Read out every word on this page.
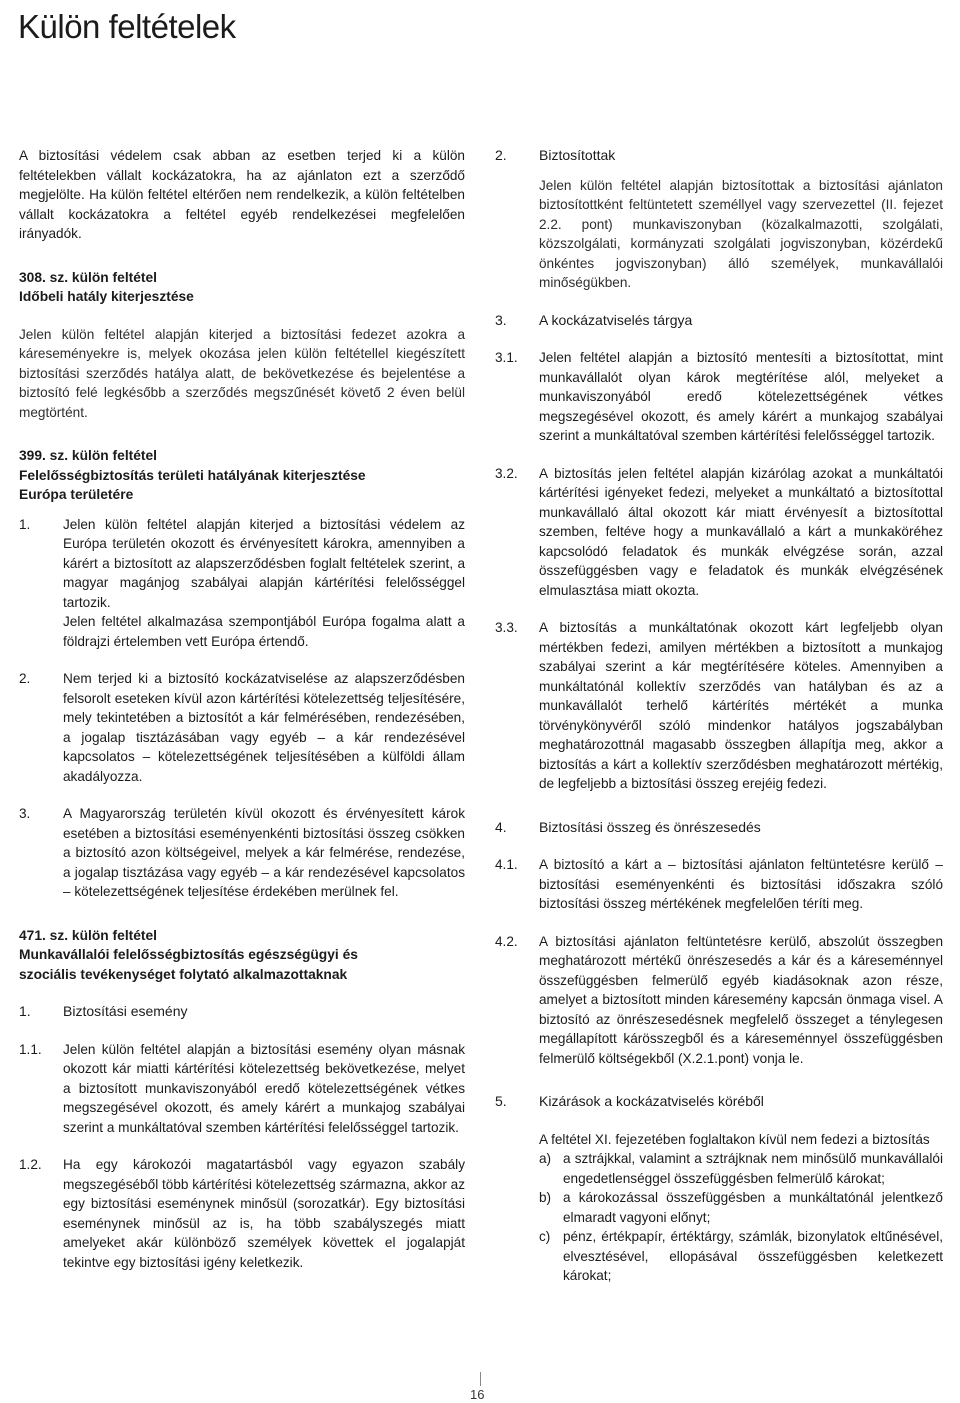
Külön feltételek

A biztosítási védelem csak abban az esetben terjed ki a külön feltételekben vállalt kockázatokra, ha az ajánlaton ezt a szerződő megjelölte. Ha külön feltétel eltérően nem rendelkezik, a külön feltételben vállalt kockázatokra a feltétel egyéb rendelkezései megfelelően irányadók.

308. sz. külön feltétel

Időbeli hatály kiterjesztése

Jelen külön feltétel alapján kiterjed a biztosítási fedezet azokra a káreseményekre is, melyek okozása jelen külön feltétellel kiegészített biztosítási szerződés hatálya alatt, de bekövetkezése és bejelentése a biztosító felé legkésőbb a szerződés megszűnését követő 2 éven belül megtörtént.

399. sz. külön feltétel

Felelősségbiztosítás területi hatályának kiterjesztése

Európa területére

1.	Jelen külön feltétel alapján kiterjed a biztosítási védelem az Európa területén okozott és érvényesített károkra, amennyiben a kárért a biztosított az alapszerződésben foglalt feltételek szerint, a magyar magánjog szabályai alapján kártérítési felelősséggel tartozik.

Jelen feltétel alkalmazása szempontjából Európa fogalma alatt a földrajzi értelemben vett Európa értendő.

2.	Nem terjed ki a biztosító kockázatviselése az alapszerződésben felsorolt eseteken kívül azon kártérítési kötelezettség teljesítésére, mely tekintetében a biztosítót a kár felmérésében, rendezésében, a jogalap tisztázásában vagy egyéb – a kár rendezésével kapcsolatos – kötelezettségének teljesítésében a külföldi állam akadályozza.

3.	A Magyarország területén kívül okozott és érvényesített károk esetében a biztosítási eseményenkénti biztosítási összeg csökken a biztosító azon költségeivel, melyek a kár felmérése, rendezése, a jogalap tisztázása vagy egyéb – a kár rendezésével kapcsolatos – kötelezettségének teljesítése érdekében merülnek fel.

471. sz. külön feltétel

Munkavállalói felelősségbiztosítás egészségügyi és

szociális tevékenységet folytató alkalmazottaknak

1.	Biztosítási esemény
1.1.	Jelen külön feltétel alapján a biztosítási esemény olyan másnak okozott kár miatti kártérítési kötelezettség bekövetkezése, melyet a biztosított munkaviszonyából eredő kötelezettségének vétkes megszegésével okozott, és amely kárért a munkajog szabályai szerint a munkáltatóval szemben kártérítési felelősséggel tartozik.

1.2.	Ha egy károkozói magatartásból vagy egyazon szabály megszegéséből több kártérítési kötelezettség származna, akkor az egy biztosítási eseménynek minősül (sorozatkár). Egy biztosítási eseménynek minősül az is, ha több szabályszegés miatt amelyeket akár különböző személyek követtek el jogalapját tekintve egy biztosítási igény keletkezik.

2.	Biztosítottak

Jelen külön feltétel alapján biztosítottak a biztosítási ajánlaton biztosítottként feltüntetett személlyel vagy szervezettel (II. fejezet 2.2. pont) munkaviszonyban (közalkalmazotti, szolgálati, közszolgálati, kormányzati szolgálati jogviszonyban, közérdekű önkéntes jogviszonyban) álló személyek, munkavállalói minőségükben.

3.	A kockázatviselés tárgya
3.1.	Jelen feltétel alapján a biztosító mentesíti a biztosítottat, mint munkavállalót olyan károk megtérítése alól, melyeket a munkaviszonyából eredő kötelezettségének vétkes megszegésével okozott, és amely kárért a munkajog szabályai szerint a munkáltatóval szemben kártérítési felelősséggel tartozik.

3.2.	A biztosítás jelen feltétel alapján kizárólag azokat a munkáltatói kártérítési igényeket fedezi, melyeket a munkáltató a biztosítottal munkavállaló által okozott kár miatt érvényesít a biztosítottal szemben, feltéve hogy a munkavállaló a kárt a munkaköréhez kapcsolódó feladatok és munkák elvégzése során, azzal összefüggésben vagy e feladatok és munkák elvégzésének elmulasztása miatt okozta.

3.3.	A biztosítás a munkáltatónak okozott kárt legfeljebb olyan mértékben fedezi, amilyen mértékben a biztosított a munkajog szabályai szerint a kár megtérítésére köteles. Amennyiben a munkáltatónál kollektív szerződés van hatályban és az a munkavállalót terhelő kártérítés mértékét a munka törvénykönyvéről szóló mindenkor hatályos jogszabályban meghatározottnál magasabb összegben állapítja meg, akkor a biztosítás a kárt a kollektív szerződésben meghatározott mértékig, de legfeljebb a biztosítási összeg erejéig fedezi.

4.	Biztosítási összeg és önrészesedés
4.1.	A biztosító a kárt a – biztosítási ajánlaton feltüntetésre kerülő – biztosítási eseményenkénti és biztosítási időszakra szóló biztosítási összeg mértékének megfelelően téríti meg.

4.2.	A biztosítási ajánlaton feltüntetésre kerülő, abszolút összegben meghatározott mértékű önrészesedés a kár és a káreseménnyel összefüggésben felmerülő egyéb kiadásoknak azon része, amelyet a biztosított minden káresemény kapcsán önmaga visel. A biztosító az önrészesedésnek megfelelő összeget a ténylegesen megállapított kárösszegből és a káreseménnyel összefüggésben felmerülő költségekből (X.2.1.pont) vonja le.

5.	Kizárások a kockázatviselés köréből

A feltétel XI. fejezetében foglaltakon kívül nem fedezi a biztosítás

a) a sztrájkkal, valamint a sztrájknak nem minősülő munkavállalói engedetlenséggel összefüggésben felmerülő károkat;

b) a károkozással összefüggésben a munkáltatónál jelentkező elmaradt vagyoni előnyt;

c) pénz, értékpapír, értéktárgy, számlák, bizonylatok eltűnésével, elvesztésével, ellopásával összefüggésben keletkezett károkat;

16
